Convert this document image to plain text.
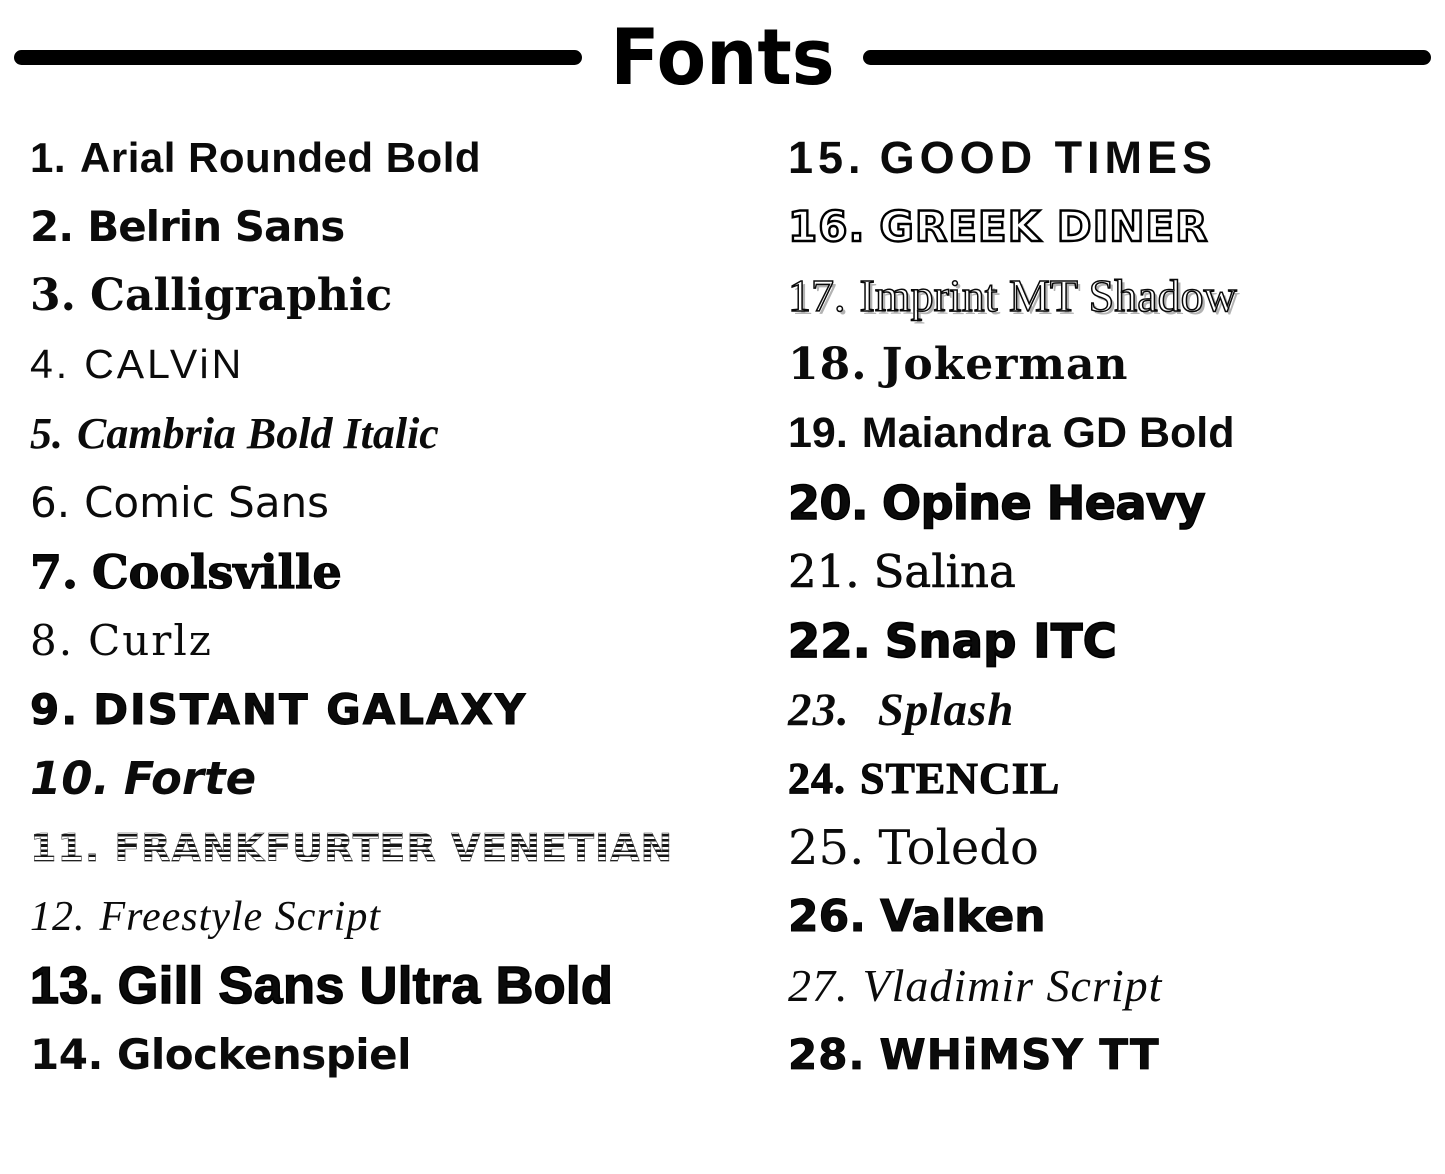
Fonts
1. Arial Rounded Bold
2. Belrin Sans
3. Calligraphic
4. CALViN
5. Cambria Bold Italic
6. Comic Sans
7. Coolsville
8. Curlz
9. DISTANT GALAXY
10. Forte
11. FRANKFURTER VENETIAN
12. Freestyle Script
13. Gill Sans Ultra Bold
14. Glockenspiel
15. GOOD TIMES
16. GREEK DINER
17. Imprint MT Shadow
18. Jokerman
19. Maiandra GD Bold
20. Opine Heavy
21. Salina
22. Snap ITC
23. Splash
24. STENCIL
25. Toledo
26. Valken
27. Vladimir Script
28. WHiMSY TT
